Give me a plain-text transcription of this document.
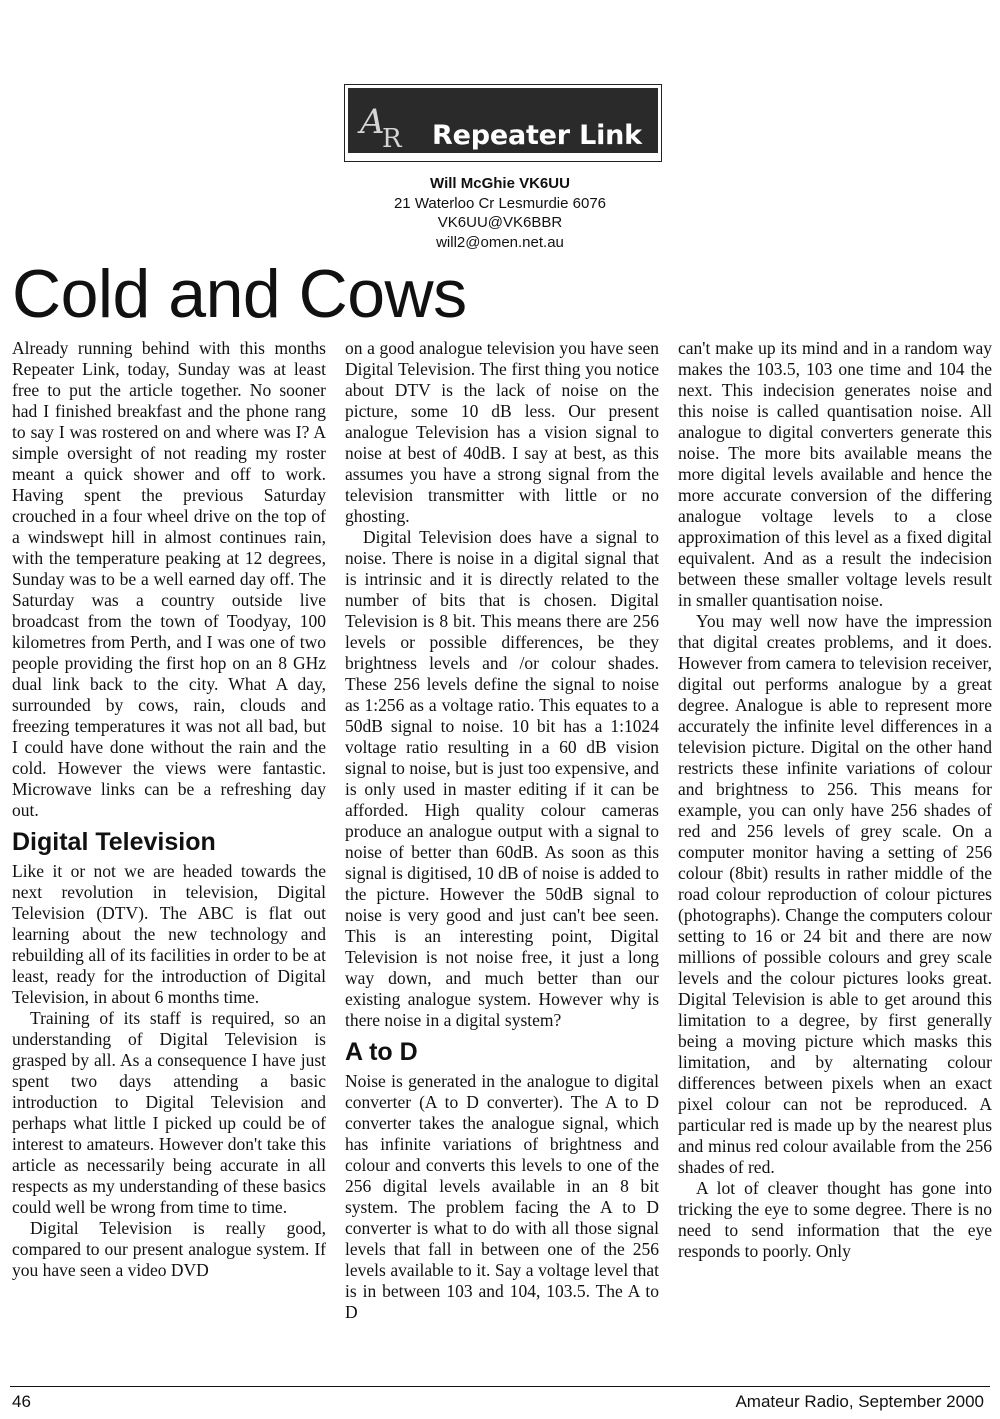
A
R Repeater Link
Will McGhie VK6UU
21 Waterloo Cr Lesmurdie 6076
VK6UU@VK6BBR
will2@omen.net.au
Cold and Cows

Already running behind with this months Repeater Link, today, Sunday was at least free to put the article together. No sooner had I finished breakfast and the phone rang to say I was rostered on and where was I? A simple oversight of not reading my roster meant a quick shower and off to work. Having spent the previous Saturday crouched in a four wheel drive on the top of a windswept hill in almost continues rain, with the temperature peaking at 12 degrees, Sunday was to be a well earned day off. The Saturday was a country outside live broadcast from the town of Toodyay, 100 kilometres from Perth, and I was one of two people providing the first hop on an 8 GHz dual link back to the city. What A day, surrounded by cows, rain, clouds and freezing temperatures it was not all bad, but I could have done without the rain and the cold. However the views were fantastic. Microwave links can be a refreshing day out.

Digital Television

Like it or not we are headed towards the next revolution in television, Digital Television (DTV). The ABC is flat out learning about the new technology and rebuilding all of its facilities in order to be at least, ready for the introduction of Digital Television, in about 6 months time.

Training of its staff is required, so an understanding of Digital Television is grasped by all. As a consequence I have just spent two days attending a basic introduction to Digital Television and perhaps what little I picked up could be of interest to amateurs. However don't take this article as necessarily being accurate in all respects as my understanding of these basics could well be wrong from time to time.

Digital Television is really good, compared to our present analogue system. If you have seen a video DVD

on a good analogue television you have seen Digital Television. The first thing you notice about DTV is the lack of noise on the picture, some 10 dB less. Our present analogue Television has a vision signal to noise at best of 40dB. I say at best, as this assumes you have a strong signal from the television transmitter with little or no ghosting.

Digital Television does have a signal to noise. There is noise in a digital signal that is intrinsic and it is directly related to the number of bits that is chosen. Digital Television is 8 bit. This means there are 256 levels or possible differences, be they brightness levels and /or colour shades. These 256 levels define the signal to noise as 1:256 as a voltage ratio. This equates to a 50dB signal to noise. 10 bit has a 1:1024 voltage ratio resulting in a 60 dB vision signal to noise, but is just too expensive, and is only used in master editing if it can be afforded. High quality colour cameras produce an analogue output with a signal to noise of better than 60dB. As soon as this signal is digitised, 10 dB of noise is added to the picture. However the 50dB signal to noise is very good and just can't bee seen. This is an interesting point, Digital Television is not noise free, it just a long way down, and much better than our existing analogue system. However why is there noise in a digital system?

A to D

Noise is generated in the analogue to digital converter (A to D converter). The A to D converter takes the analogue signal, which has infinite variations of brightness and colour and converts this levels to one of the 256 digital levels available in an 8 bit system. The problem facing the A to D converter is what to do with all those signal levels that fall in between one of the 256 levels available to it. Say a voltage level that is in between 103 and 104, 103.5. The A to D

can't make up its mind and in a random way makes the 103.5, 103 one time and 104 the next. This indecision generates noise and this noise is called quantisation noise. All analogue to digital converters generate this noise. The more bits available means the more digital levels available and hence the more accurate conversion of the differing analogue voltage levels to a close approximation of this level as a fixed digital equivalent. And as a result the indecision between these smaller voltage levels result in smaller quantisation noise.

You may well now have the impression that digital creates problems, and it does. However from camera to television receiver, digital out performs analogue by a great degree. Analogue is able to represent more accurately the infinite level differences in a television picture. Digital on the other hand restricts these infinite variations of colour and brightness to 256. This means for example, you can only have 256 shades of red and 256 levels of grey scale. On a computer monitor having a setting of 256 colour (8bit) results in rather middle of the road colour reproduction of colour pictures (photographs). Change the computers colour setting to 16 or 24 bit and there are now millions of possible colours and grey scale levels and the colour pictures looks great. Digital Television is able to get around this limitation to a degree, by first generally being a moving picture which masks this limitation, and by alternating colour differences between pixels when an exact pixel colour can not be reproduced. A particular red is made up by the nearest plus and minus red colour available from the 256 shades of red.

A lot of cleaver thought has gone into tricking the eye to some degree. There is no need to send information that the eye responds to poorly. Only

46	Amateur Radio, September 2000
